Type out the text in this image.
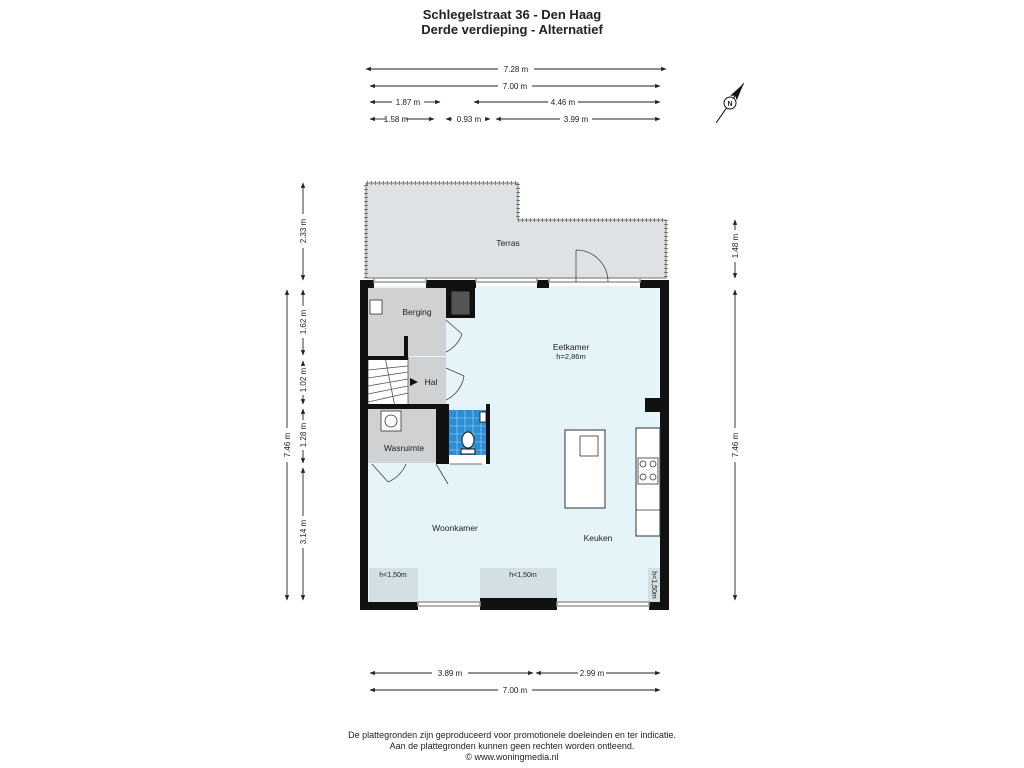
Schlegelstraat 36 - Den Haag
Derde verdieping - Alternatief
Terras
Berging
Eetkamer
h=2,86m
Hal
Wasruimte
Woonkamer
Keuken
h<1,50m	h<1,50m	h<1,50m
7.28 m
7.00 m
1.87 m	4.46 m
1.58 m	0.93 m	3.99 m
2.33 m
1.62 m
1.02 m
1.28 m
3.14 m
7.46 m
1.48 m
7.46 m
3.89 m	2.99 m
7.00 m
N
De plattegronden zijn geproduceerd voor promotionele doeleinden en ter indicatie.
Aan de plattegronden kunnen geen rechten worden ontleend.
© www.woningmedia.nl
